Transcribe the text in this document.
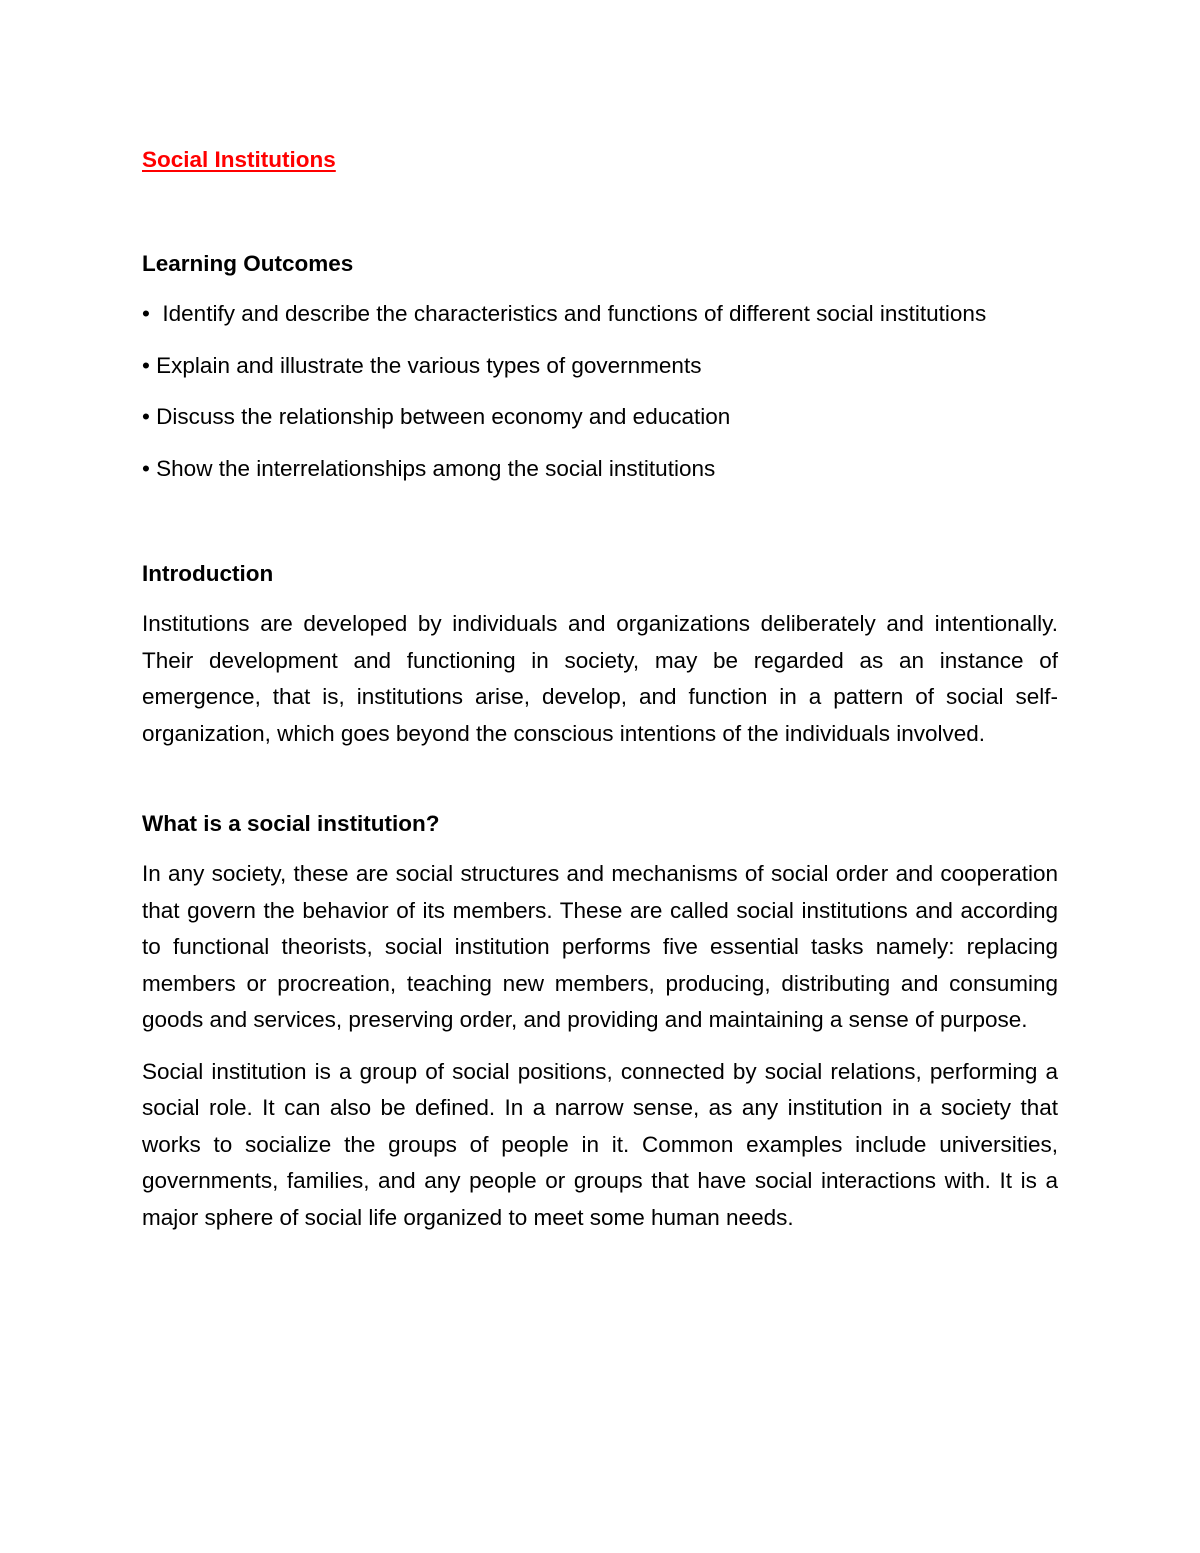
Social Institutions
Learning Outcomes
• Identify and describe the characteristics and functions of different social institutions
• Explain and illustrate the various types of governments
• Discuss the relationship between economy and education
• Show the interrelationships among the social institutions
Introduction

Institutions are developed by individuals and organizations deliberately and intentionally. Their development and functioning in society, may be regarded as an instance of emergence, that is, institutions arise, develop, and function in a pattern of social self-organization, which goes beyond the conscious intentions of the individuals involved.

What is a social institution?

In any society, these are social structures and mechanisms of social order and cooperation that govern the behavior of its members. These are called social institutions and according to functional theorists, social institution performs five essential tasks namely: replacing members or procreation, teaching new members, producing, distributing and consuming goods and services, preserving order, and providing and maintaining a sense of purpose.

Social institution is a group of social positions, connected by social relations, performing a social role. It can also be defined. In a narrow sense, as any institution in a society that works to socialize the groups of people in it. Common examples include universities, governments, families, and any people or groups that have social interactions with. It is a major sphere of social life organized to meet some human needs.
